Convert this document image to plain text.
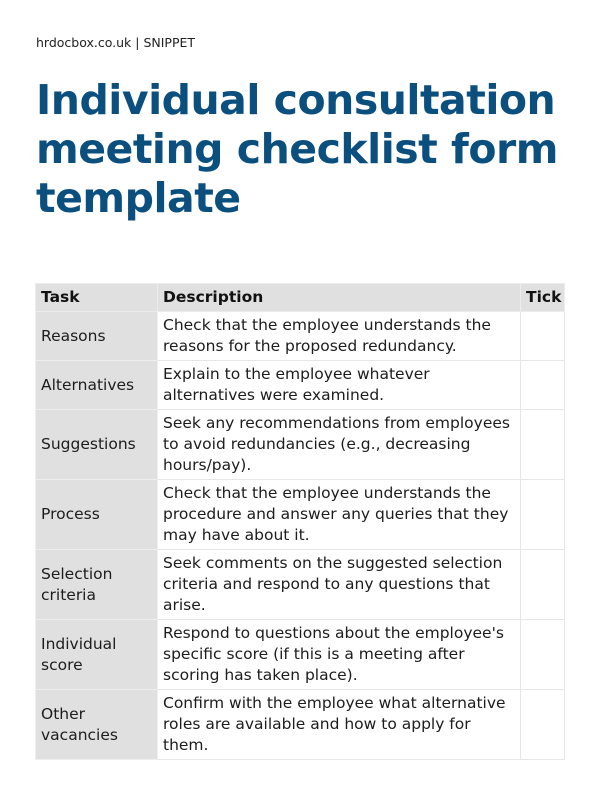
hrdocbox.co.uk | SNIPPET
Individual consultation meeting checklist form template
Task	Description	Tick
Reasons	Check that the employee understands the reasons for the proposed redundancy.	
Alternatives	Explain to the employee whatever alternatives were examined.	
Suggestions	Seek any recommendations from employees to avoid redundancies (e.g., decreasing hours/pay).	
Process	Check that the employee understands the procedure and answer any queries that they may have about it.	
Selection criteria	Seek comments on the suggested selection criteria and respond to any questions that arise.	
Individual score	Respond to questions about the employee's specific score (if this is a meeting after scoring has taken place).	
Other vacancies	Confirm with the employee what alternative roles are available and how to apply for them.	
